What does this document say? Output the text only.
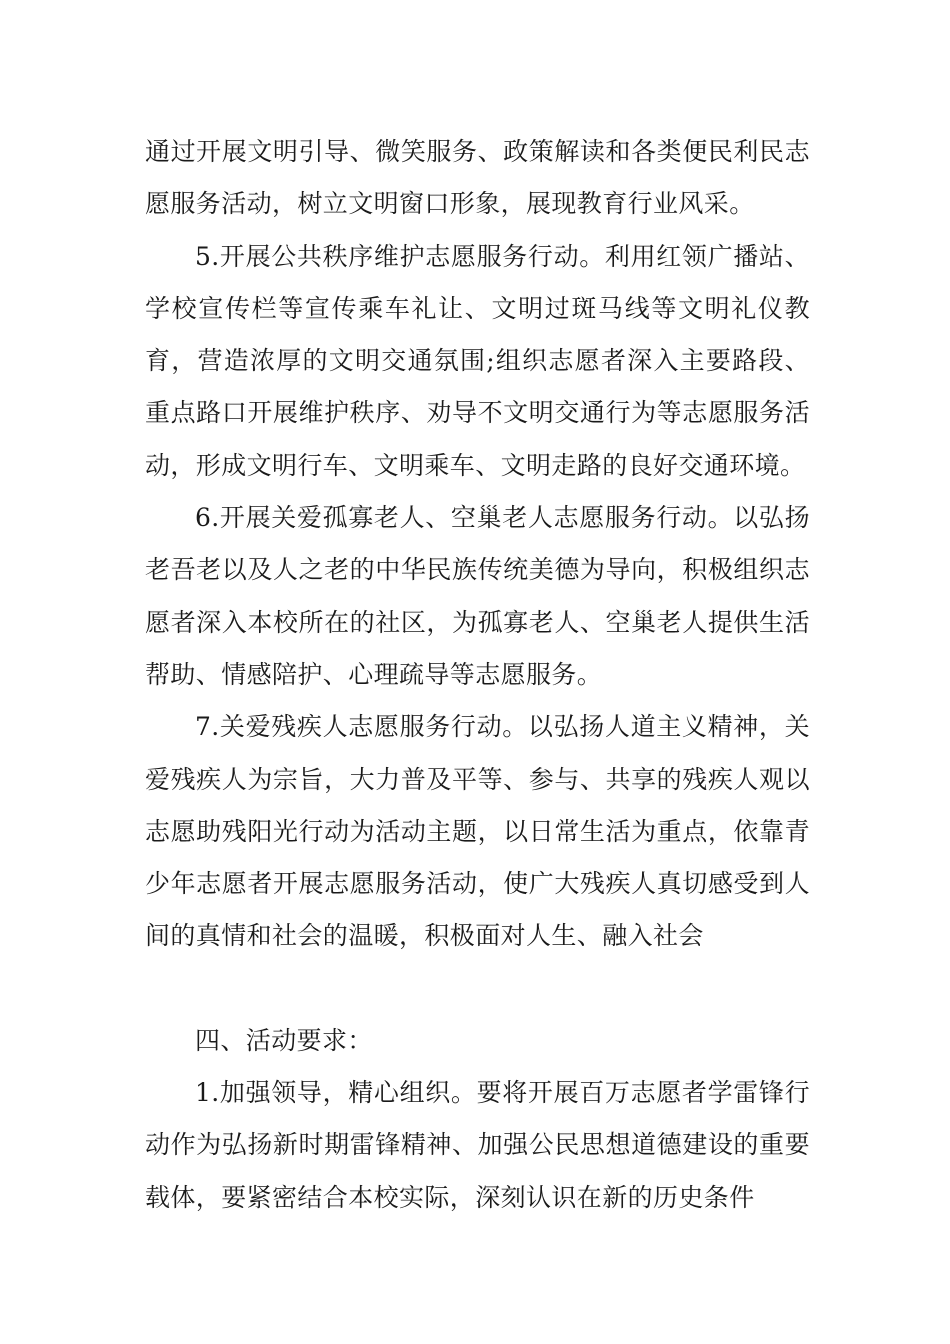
通过开展文明引导、微笑服务、政策解读和各类便民利民志愿服务活动，树立文明窗口形象，展现教育行业风采。

5.开展公共秩序维护志愿服务行动。利用红领广播站、学校宣传栏等宣传乘车礼让、文明过斑马线等文明礼仪教育，营造浓厚的文明交通氛围;组织志愿者深入主要路段、重点路口开展维护秩序、劝导不文明交通行为等志愿服务活动，形成文明行车、文明乘车、文明走路的良好交通环境。

6.开展关爱孤寡老人、空巢老人志愿服务行动。以弘扬老吾老以及人之老的中华民族传统美德为导向，积极组织志愿者深入本校所在的社区，为孤寡老人、空巢老人提供生活帮助、情感陪护、心理疏导等志愿服务。

7.关爱残疾人志愿服务行动。以弘扬人道主义精神，关爱残疾人为宗旨，大力普及平等、参与、共享的残疾人观以志愿助残阳光行动为活动主题，以日常生活为重点，依靠青少年志愿者开展志愿服务活动，使广大残疾人真切感受到人间的真情和社会的温暖，积极面对人生、融入社会

四、活动要求：

1.加强领导，精心组织。要将开展百万志愿者学雷锋行动作为弘扬新时期雷锋精神、加强公民思想道德建设的重要载体，要紧密结合本校实际，深刻认识在新的历史条件
